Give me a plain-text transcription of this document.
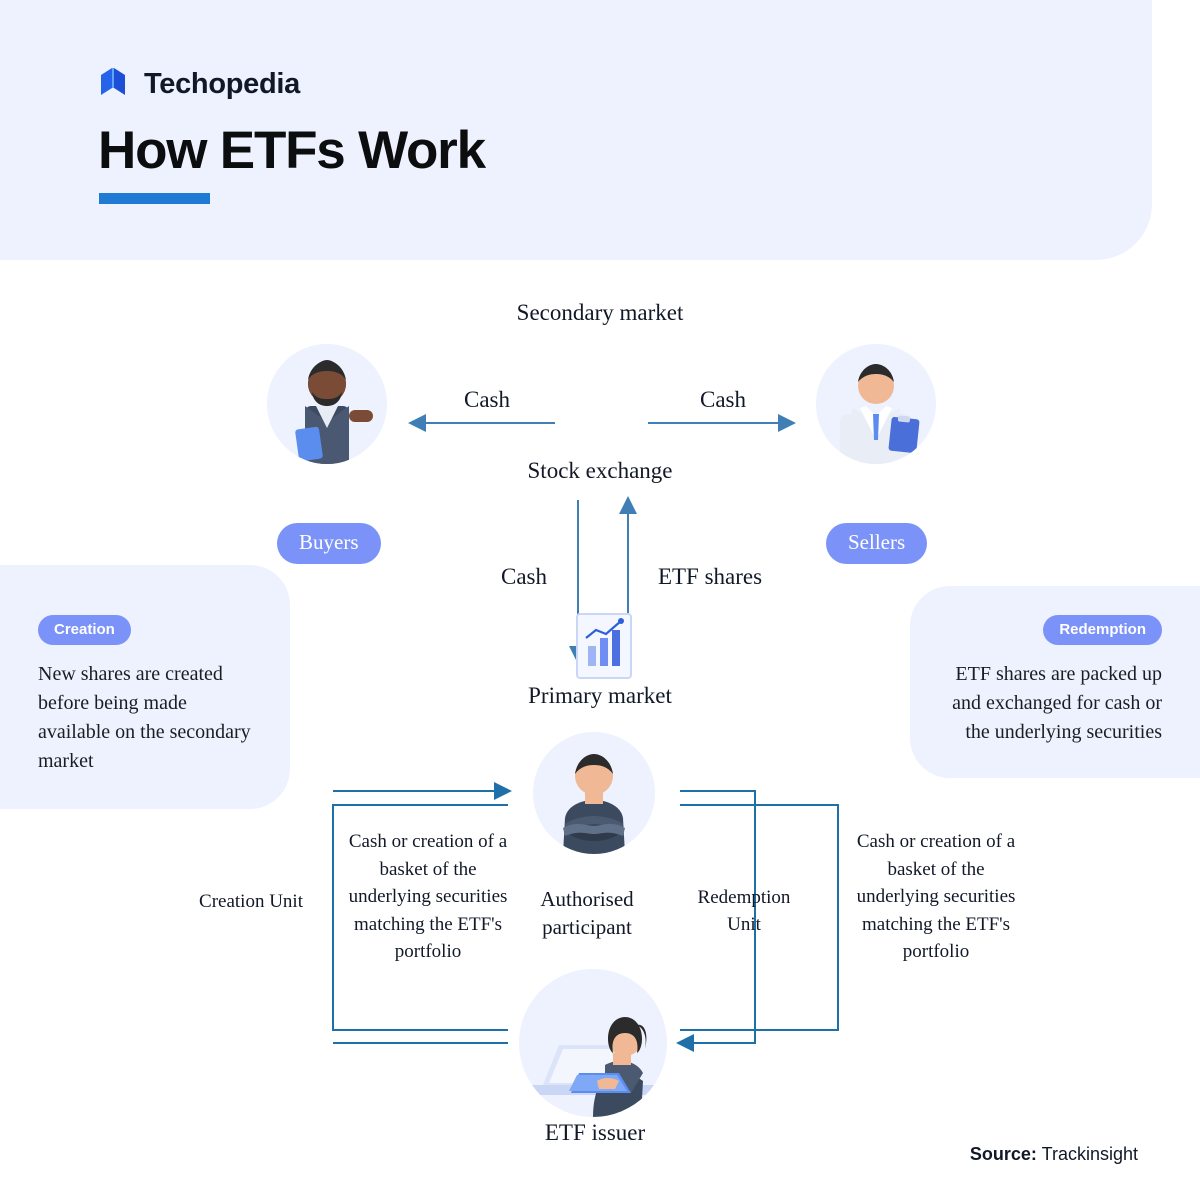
Techopedia
How ETFs Work
Secondary market
Stock exchange
Cash	Cash
Cash	ETF shares
Buyers	Sellers
Primary market
Authorised
participant
ETF issuer
Creation Unit	Redemption
Unit
Cash or creation of a basket of the underlying securities matching the ETF's portfolio
Cash or creation of a basket of the underlying securities matching the ETF's portfolio
Creation
New shares are created before being made available on the secondary market
Redemption
ETF shares are packed up and exchanged for cash or the underlying securities
Source: Trackinsight
